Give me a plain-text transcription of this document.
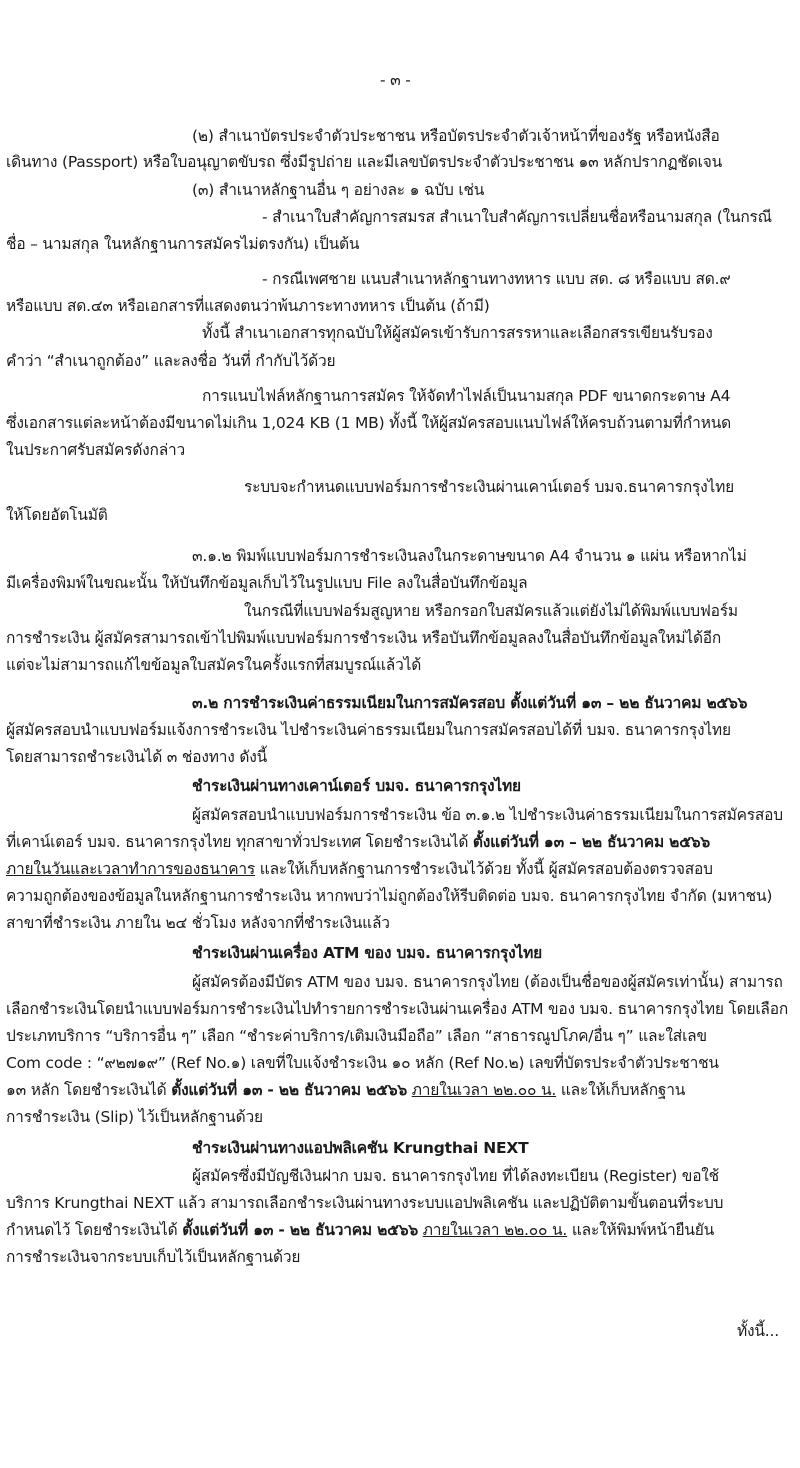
- ๓ -
(๒) สำเนาบัตรประจำตัวประชาชน หรือบัตรประจำตัวเจ้าหน้าที่ของรัฐ หรือหนังสือ
เดินทาง (Passport) หรือใบอนุญาตขับรถ ซึ่งมีรูปถ่าย และมีเลขบัตรประจำตัวประชาชน ๑๓ หลักปรากฏชัดเจน
(๓) สำเนาหลักฐานอื่น ๆ อย่างละ ๑ ฉบับ เช่น
- สำเนาใบสำคัญการสมรส สำเนาใบสำคัญการเปลี่ยนชื่อหรือนามสกุล (ในกรณี
ชื่อ – นามสกุล ในหลักฐานการสมัครไม่ตรงกัน) เป็นต้น
- กรณีเพศชาย แนบสำเนาหลักฐานทางทหาร แบบ สด. ๘ หรือแบบ สด.๙
หรือแบบ สด.๔๓ หรือเอกสารที่แสดงตนว่าพ้นภาระทางทหาร เป็นต้น (ถ้ามี)
ทั้งนี้ สำเนาเอกสารทุกฉบับให้ผู้สมัครเข้ารับการสรรหาและเลือกสรรเขียนรับรอง
คำว่า “สำเนาถูกต้อง” และลงชื่อ วันที่ กำกับไว้ด้วย
การแนบไฟล์หลักฐานการสมัคร ให้จัดทำไฟล์เป็นนามสกุล PDF ขนาดกระดาษ A4
ซึ่งเอกสารแต่ละหน้าต้องมีขนาดไม่เกิน 1,024 KB (1 MB) ทั้งนี้ ให้ผู้สมัครสอบแนบไฟล์ให้ครบถ้วนตามที่กำหนด
ในประกาศรับสมัครดังกล่าว
ระบบจะกำหนดแบบฟอร์มการชำระเงินผ่านเคาน์เตอร์ บมจ.ธนาคารกรุงไทย
ให้โดยอัตโนมัติ
๓.๑.๒ พิมพ์แบบฟอร์มการชำระเงินลงในกระดาษขนาด A4 จำนวน ๑ แผ่น หรือหากไม่
มีเครื่องพิมพ์ในขณะนั้น ให้บันทึกข้อมูลเก็บไว้ในรูปแบบ File ลงในสื่อบันทึกข้อมูล
ในกรณีที่แบบฟอร์มสูญหาย หรือกรอกใบสมัครแล้วแต่ยังไม่ได้พิมพ์แบบฟอร์ม
การชำระเงิน ผู้สมัครสามารถเข้าไปพิมพ์แบบฟอร์มการชำระเงิน หรือบันทึกข้อมูลลงในสื่อบันทึกข้อมูลใหม่ได้อีก
แต่จะไม่สามารถแก้ไขข้อมูลใบสมัครในครั้งแรกที่สมบูรณ์แล้วได้
๓.๒ การชำระเงินค่าธรรมเนียมในการสมัครสอบ ตั้งแต่วันที่ ๑๓ – ๒๒ ธันวาคม ๒๕๖๖
ผู้สมัครสอบนำแบบฟอร์มแจ้งการชำระเงิน ไปชำระเงินค่าธรรมเนียมในการสมัครสอบได้ที่ บมจ. ธนาคารกรุงไทย
โดยสามารถชำระเงินได้ ๓ ช่องทาง ดังนี้
ชำระเงินผ่านทางเคาน์เตอร์ บมจ. ธนาคารกรุงไทย
ผู้สมัครสอบนำแบบฟอร์มการชำระเงิน ข้อ ๓.๑.๒ ไปชำระเงินค่าธรรมเนียมในการสมัครสอบ
ที่เคาน์เตอร์ บมจ. ธนาคารกรุงไทย ทุกสาขาทั่วประเทศ โดยชำระเงินได้ ตั้งแต่วันที่ ๑๓ – ๒๒ ธันวาคม ๒๕๖๖
ภายในวันและเวลาทำการของธนาคาร และให้เก็บหลักฐานการชำระเงินไว้ด้วย ทั้งนี้ ผู้สมัครสอบต้องตรวจสอบ
ความถูกต้องของข้อมูลในหลักฐานการชำระเงิน หากพบว่าไม่ถูกต้องให้รีบติดต่อ บมจ. ธนาคารกรุงไทย จำกัด (มหาชน)
สาขาที่ชำระเงิน ภายใน ๒๔ ชั่วโมง หลังจากที่ชำระเงินแล้ว
ชำระเงินผ่านเครื่อง ATM ของ บมจ. ธนาคารกรุงไทย
ผู้สมัครต้องมีบัตร ATM ของ บมจ. ธนาคารกรุงไทย (ต้องเป็นชื่อของผู้สมัครเท่านั้น) สามารถ
เลือกชำระเงินโดยนำแบบฟอร์มการชำระเงินไปทำรายการชำระเงินผ่านเครื่อง ATM ของ บมจ. ธนาคารกรุงไทย โดยเลือก
ประเภทบริการ “บริการอื่น ๆ” เลือก “ชำระค่าบริการ/เติมเงินมือถือ” เลือก “สาธารณูปโภค/อื่น ๆ” และใส่เลข
Com code : “๙๒๗๑๙” (Ref No.๑) เลขที่ใบแจ้งชำระเงิน ๑๐ หลัก (Ref No.๒) เลขที่บัตรประจำตัวประชาชน
๑๓ หลัก โดยชำระเงินได้ ตั้งแต่วันที่ ๑๓ - ๒๒ ธันวาคม ๒๕๖๖ ภายในเวลา ๒๒.๐๐ น. และให้เก็บหลักฐาน
การชำระเงิน (Slip) ไว้เป็นหลักฐานด้วย
ชำระเงินผ่านทางแอปพลิเคชัน Krungthai NEXT
ผู้สมัครซึ่งมีบัญชีเงินฝาก บมจ. ธนาคารกรุงไทย ที่ได้ลงทะเบียน (Register) ขอใช้
บริการ Krungthai NEXT แล้ว สามารถเลือกชำระเงินผ่านทางระบบแอปพลิเคชัน และปฏิบัติตามขั้นตอนที่ระบบ
กำหนดไว้ โดยชำระเงินได้ ตั้งแต่วันที่ ๑๓ - ๒๒ ธันวาคม ๒๕๖๖ ภายในเวลา ๒๒.๐๐ น. และให้พิมพ์หน้ายืนยัน
การชำระเงินจากระบบเก็บไว้เป็นหลักฐานด้วย
ทั้งนี้...
